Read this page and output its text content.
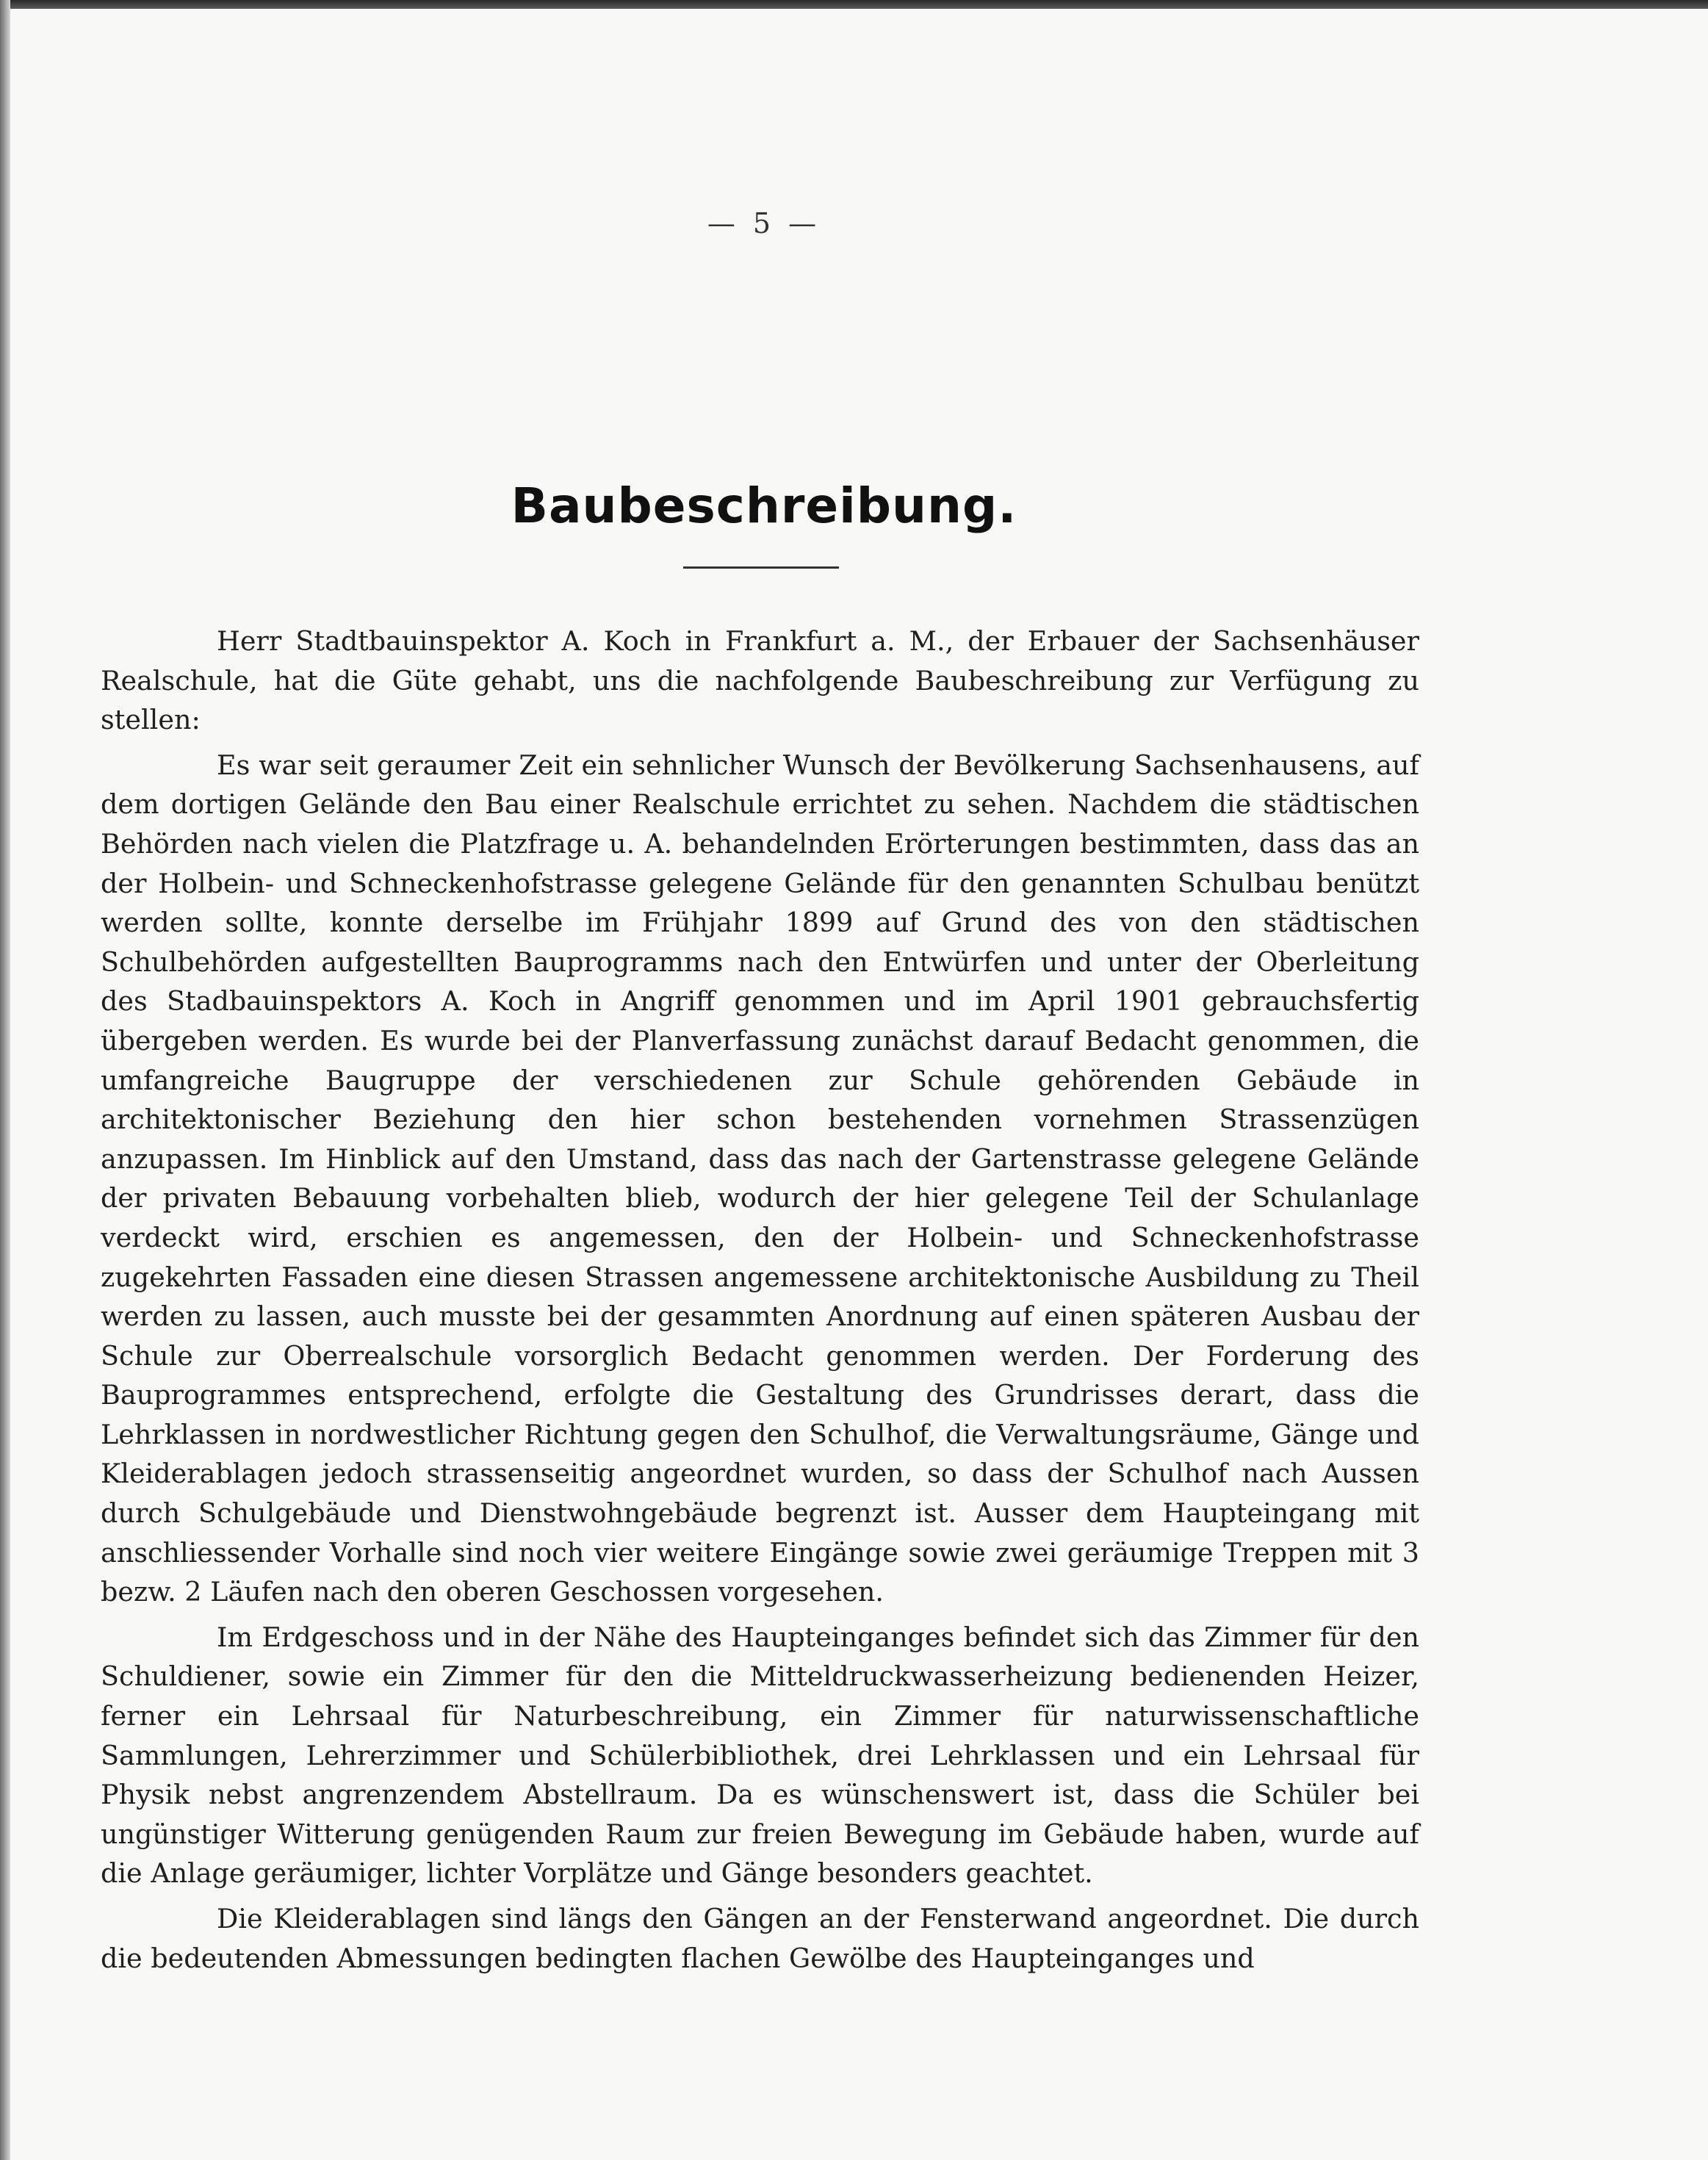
— 5 —
Baubeschreibung.

Herr Stadtbauinspektor A. Koch in Frankfurt a. M., der Erbauer der Sachsenhäuser Realschule, hat die Güte gehabt, uns die nachfolgende Baubeschreibung zur Verfügung zu stellen:

Es war seit geraumer Zeit ein sehnlicher Wunsch der Bevölkerung Sachsenhausens, auf dem dortigen Gelände den Bau einer Realschule errichtet zu sehen. Nachdem die städtischen Behörden nach vielen die Platzfrage u. A. behandelnden Erörterungen bestimmten, dass das an der Holbein- und Schneckenhofstrasse gelegene Gelände für den genannten Schulbau benützt werden sollte, konnte derselbe im Frühjahr 1899 auf Grund des von den städtischen Schulbehörden aufgestellten Bauprogramms nach den Entwürfen und unter der Oberleitung des Stadbauinspektors A. Koch in Angriff genommen und im April 1901 gebrauchsfertig übergeben werden. Es wurde bei der Planverfassung zunächst darauf Bedacht genommen, die umfangreiche Baugruppe der verschiedenen zur Schule gehörenden Gebäude in architektonischer Beziehung den hier schon bestehenden vornehmen Strassenzügen anzupassen. Im Hinblick auf den Umstand, dass das nach der Gartenstrasse gelegene Gelände der privaten Bebauung vorbehalten blieb, wodurch der hier gelegene Teil der Schulanlage verdeckt wird, erschien es angemessen, den der Holbein- und Schneckenhofstrasse zugekehrten Fassaden eine diesen Strassen angemessene architektonische Ausbildung zu Theil werden zu lassen, auch musste bei der gesammten Anordnung auf einen späteren Ausbau der Schule zur Oberrealschule vorsorglich Bedacht genommen werden. Der Forderung des Bauprogrammes entsprechend, erfolgte die Gestaltung des Grundrisses derart, dass die Lehrklassen in nordwestlicher Richtung gegen den Schulhof, die Verwaltungsräume, Gänge und Kleiderablagen jedoch strassenseitig angeordnet wurden, so dass der Schulhof nach Aussen durch Schulgebäude und Dienstwohngebäude begrenzt ist. Ausser dem Haupteingang mit anschliessender Vorhalle sind noch vier weitere Eingänge sowie zwei geräumige Treppen mit 3 bezw. 2 Läufen nach den oberen Geschossen vorgesehen.

Im Erdgeschoss und in der Nähe des Haupteinganges befindet sich das Zimmer für den Schuldiener, sowie ein Zimmer für den die Mitteldruckwasserheizung bedienenden Heizer, ferner ein Lehrsaal für Naturbeschreibung, ein Zimmer für naturwissenschaftliche Sammlungen, Lehrerzimmer und Schülerbibliothek, drei Lehrklassen und ein Lehrsaal für Physik nebst angrenzendem Abstellraum. Da es wünschenswert ist, dass die Schüler bei ungünstiger Witterung genügenden Raum zur freien Bewegung im Gebäude haben, wurde auf die Anlage geräumiger, lichter Vorplätze und Gänge besonders geachtet.

Die Kleiderablagen sind längs den Gängen an der Fensterwand angeordnet. Die durch die bedeutenden Abmessungen bedingten flachen Gewölbe des Haupteinganges und
